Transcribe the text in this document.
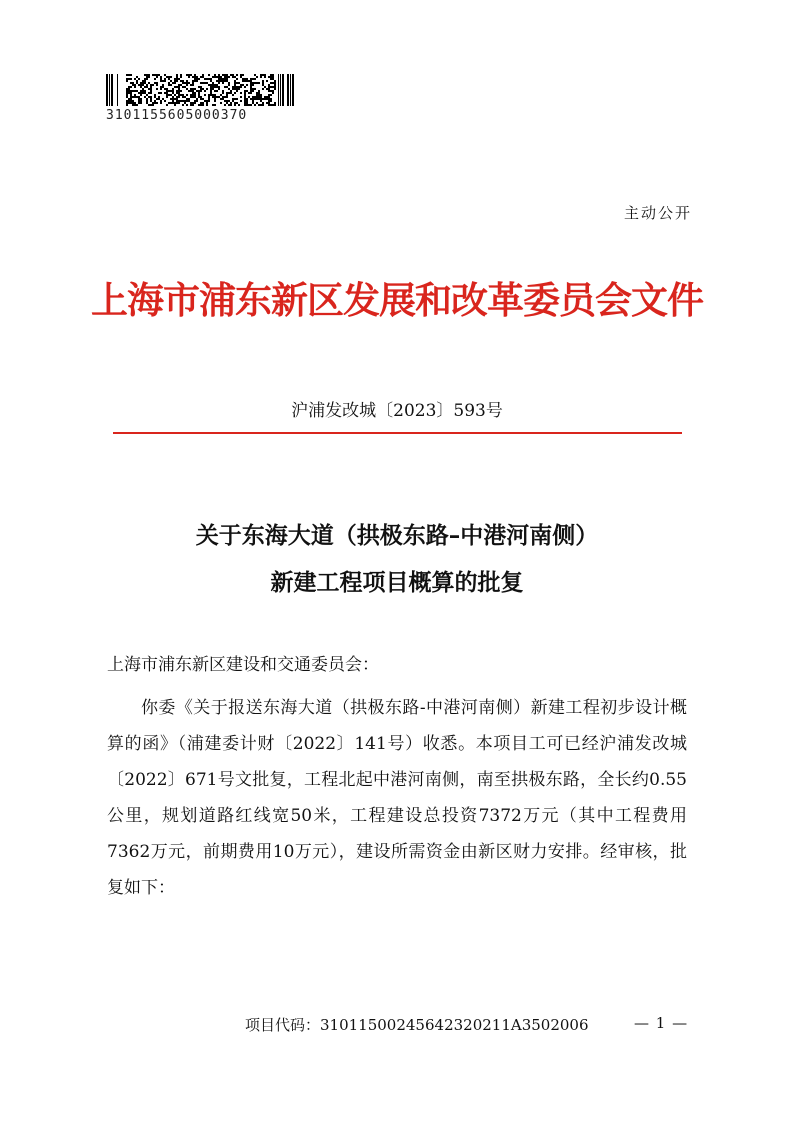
3101155605000370
主动公开
上海市浦东新区发展和改革委员会文件
沪浦发改城〔2023〕593号
关于东海大道（拱极东路–中港河南侧）
新建工程项目概算的批复
上海市浦东新区建设和交通委员会：

你委《关于报送东海大道（拱极东路-中港河南侧）新建工程初步设计概算的函》（浦建委计财〔2022〕141号）收悉。本项目工可已经沪浦发改城〔2022〕671号文批复，工程北起中港河南侧，南至拱极东路，全长约0.55公里，规划道路红线宽50米，工程建设总投资7372万元（其中工程费用7362万元，前期费用10万元），建设所需资金由新区财力安排。经审核，批复如下：

项目代码：31011500245642320211A3502006	— 1 —
